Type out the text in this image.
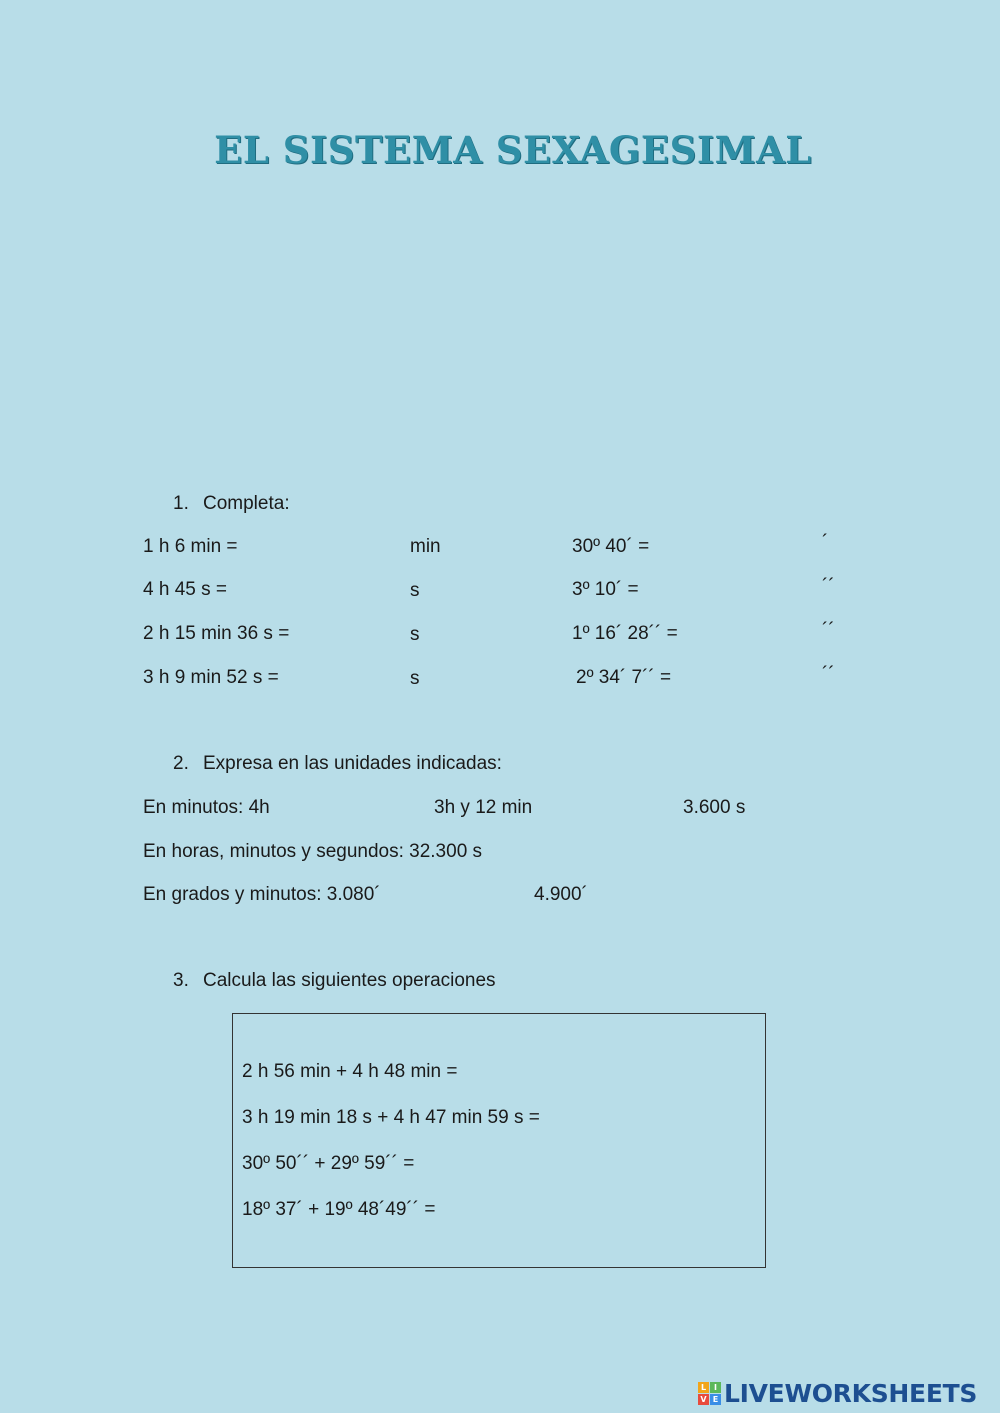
EL SISTEMA SEXAGESIMAL
1. Completa:
1 h 6 min =	min	30º 40´ =	´
4 h 45 s =	s	3º 10´ =	´´
2 h 15 min 36 s =	s	1º 16´ 28´´ =	´´
3 h 9 min 52 s =	s	2º 34´ 7´´ =	´´
2. Expresa en las unidades indicadas:
En minutos: 4h	3h y 12 min	3.600 s
En horas, minutos y segundos: 32.300 s
En grados y minutos: 3.080´	4.900´
3. Calcula las siguientes operaciones
2 h 56 min + 4 h 48 min =
3 h 19 min 18 s + 4 h 47 min 59 s =
30º 50´´ + 29º 59´´ =
18º 37´ + 19º 48´49´´ =
L I
V E LIVEWORKSHEETS
